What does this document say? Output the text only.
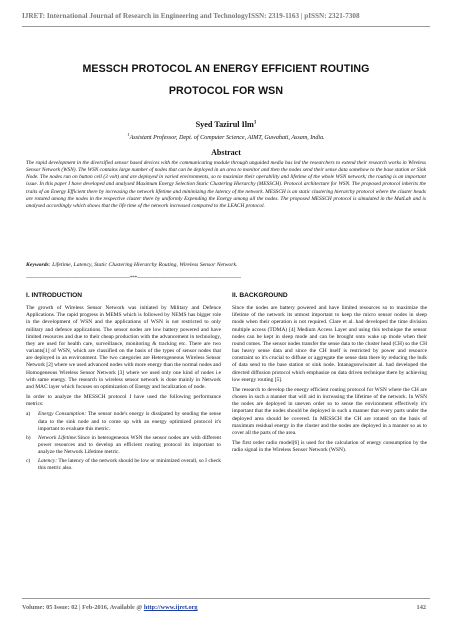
IJRET: International Journal of Research in Engineering and TechnologyISSN: 2319-1163 | pISSN: 2321-7308
MESSCH PROTOCOL AN ENERGY EFFICIENT ROUTING
PROTOCOL FOR WSN
Syed Tazirul Ilm$^1$
$^1$Assistant Professor, Dept. of Computer Science, AIMT, Guwahati, Assam, India.
Abstract
The rapid development in the diversified sensor based devices with the communicating module through unguided media has led the researchers to extend their research works in Wireless Sensor Network (WSN). The WSN contains large number of nodes that can be deployed in an area to monitor and then the nodes send their sense data somehow to the base station or Sink Node. The nodes run on button cell (3 volt) and are deployed in varied environments, so to maximize their operability and lifetime of the whole WSN network; the routing is an important issue. In this paper I have developed and analysed Maximum Energy Selection Static Clustering Hierarchy (MESSCH). Protocol architecture for WSN. The proposed protocol inherits the traits of an Energy Efficient there by increasing the network lifetime and minimizing the latency of the network. MESSCH is an static clustering hierarchy protocol where the cluster heads are rotated among the nodes in the respective cluster there by uniformly Expending the Energy among all the nodes. The proposed MESSCH protocol is simulated in the MatLab and is analysed accordingly which shows that the life time of the network increased compared to the LEACH protocol.
Keywords: Lifetime, Latency, Static Clustering Hierarchy Routing, Wireless Sensor Network.
--------------------------------------------------------------------***--------------------------------------------------------------------
I. INTRODUCTION

The growth of Wireless Sensor Network was initiated by Military and Defence Applications. The rapid progress in MEMS which is followed by NEMS has bigger role in the development of WSN and the applications of WSN is not restricted to only military and defence applications. The sensor nodes are low battery powered and have limited resources and due to their cheap production with the advancement in technology, they are used for health care, surveillance, monitoring & tracking etc. There are two variants[1] of WSN, which are classified on the basis of the types of sensor nodes that are deployed in an environment. The two categories are Heterogeneous Wireless Sensor Network [2] where we used advanced nodes with more energy than the normal nodes and Homogeneous Wireless Sensor Network [3] where we used only one kind of nodes i.e with same energy. The research in wireless sensor network is done mainly in Network and MAC layer which focuses on optimization of Energy and localization of node.

In order to analyze the MESSCH protocol I have used the following performance metrics:

a) Energy Consumption: The sensor node's energy is dissipated by sending the sense data to the sink node and to come up with an energy optimized protocol it's important to evaluate this metric.
b) Network Lifetime:Since in heterogeneous WSN the sensor nodes are with different power resources and to develop an efficient routing protocol its important to analyze the Network Lifetime metric.
c) Latency: The latency of the network should be low or minimized overall, so I check this metric also.
II. BACKGROUND

Since the nodes are battery powered and have limited resources so to maximize the lifetime of the network its utmost important to keep the micro sensor nodes in sleep mode when their operation is not required. Clare et al. had developed the time division multiple access (TDMA) [4] Medium Access Layer and using this technique the sensor nodes can be kept in sleep mode and can be brought onto wake up mode when their round comes. The sensor nodes transfer the sense data to the cluster head (CH) so the CH has heavy sense data and since the CH itself is restricted by power and resource constraint so it's crucial to diffuse or aggregate the sense data there by reducing the bulk of data send to the base station or sink node. Intanagonwiwatet al. had developed the directed diffusion protocol which emphasize on data driven technique there by achieving low energy routing [5].

The research to develop the energy efficient routing protocol for WSN where the CH are chosen in such a manner that will aid in increasing the lifetime of the network. In WSN the nodes are deployed in uneven order so to sense the environment effectively it's important that the nodes should be deployed in such a manner that every parts under the deployed area should be covered. In MESSCH the CH are rotated on the basis of maximum residual energy in the cluster and the nodes are deployed in a manner so as to cover all the parts of the area.

The first order radio model[6] is used for the calculation of energy consumption by the radio signal in the Wireless Sensor Network (WSN).

Volume: 05 Issue: 02 | Feb-2016, Available @ http://www.ijret.org	142
